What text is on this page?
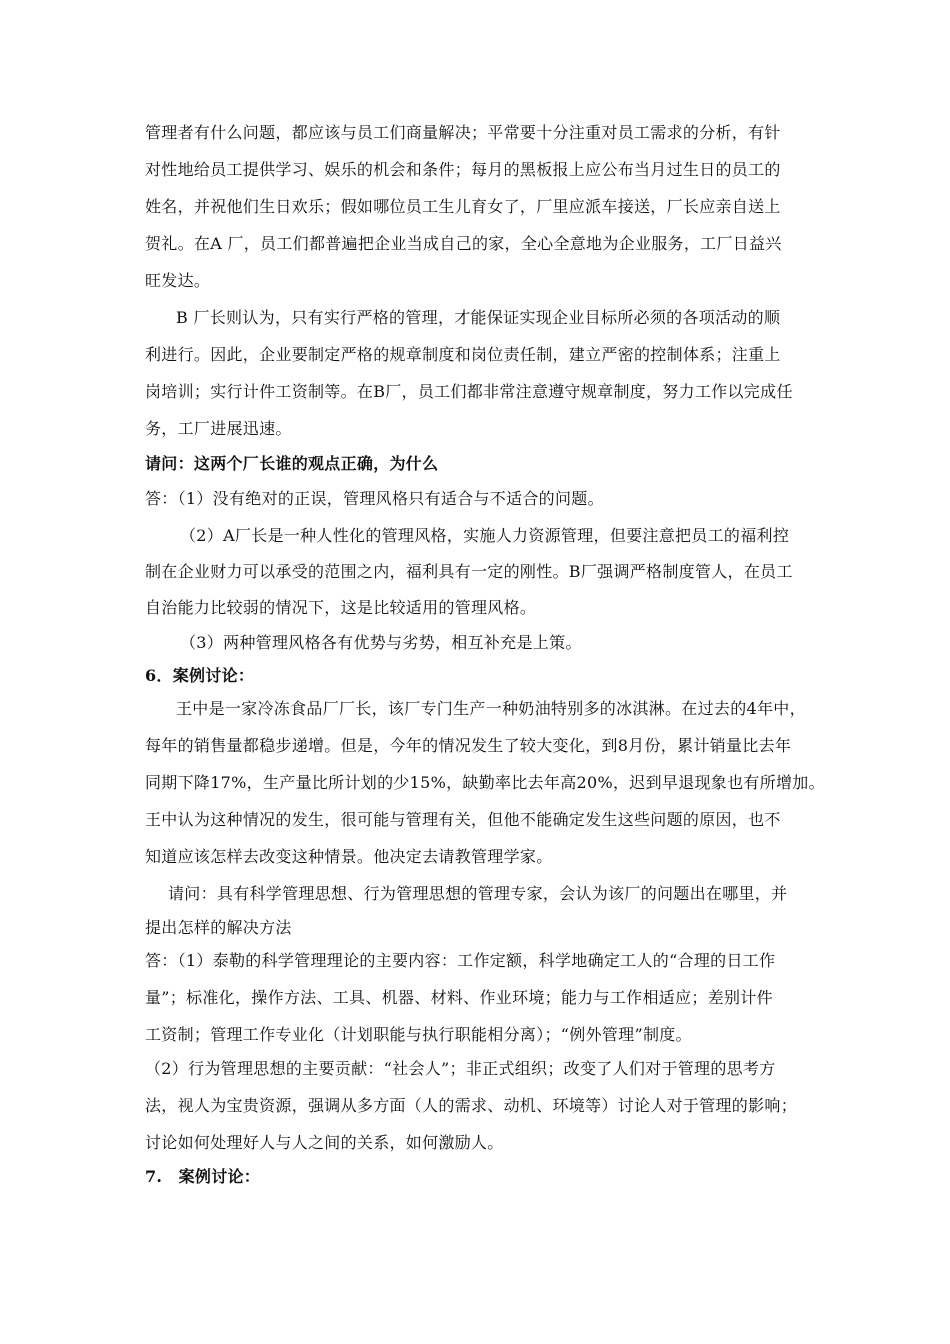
管理者有什么问题，都应该与员工们商量解决；平常要十分注重对员工需求的分析，有针
对性地给员工提供学习、娱乐的机会和条件；每月的黑板报上应公布当月过生日的员工的
姓名，并祝他们生日欢乐；假如哪位员工生儿育女了，厂里应派车接送，厂长应亲自送上
贺礼。在A 厂，员工们都普遍把企业当成自己的家，全心全意地为企业服务，工厂日益兴
旺发达。
B 厂长则认为，只有实行严格的管理，才能保证实现企业目标所必须的各项活动的顺
利进行。因此，企业要制定严格的规章制度和岗位责任制，建立严密的控制体系；注重上
岗培训；实行计件工资制等。在B厂，员工们都非常注意遵守规章制度，努力工作以完成任
务，工厂进展迅速。
请问：这两个厂长谁的观点正确，为什么
答：（1）没有绝对的正误，管理风格只有适合与不适合的问题。
（2）A厂长是一种人性化的管理风格，实施人力资源管理，但要注意把员工的福利控
制在企业财力可以承受的范围之内，福利具有一定的刚性。B厂强调严格制度管人，在员工
自治能力比较弱的情况下，这是比较适用的管理风格。
（3）两种管理风格各有优势与劣势，相互补充是上策。
6．案例讨论：
王中是一家冷冻食品厂厂长，该厂专门生产一种奶油特别多的冰淇淋。在过去的4年中，
每年的销售量都稳步递增。但是，今年的情况发生了较大变化，到8月份，累计销量比去年
同期下降17%，生产量比所计划的少15%，缺勤率比去年高20%，迟到早退现象也有所增加。
王中认为这种情况的发生，很可能与管理有关，但他不能确定发生这些问题的原因，也不
知道应该怎样去改变这种情景。他决定去请教管理学家。
请问：具有科学管理思想、行为管理思想的管理专家，会认为该厂的问题出在哪里，并
提出怎样的解决方法
答：（1）泰勒的科学管理理论的主要内容：工作定额，科学地确定工人的“合理的日工作
量”；标准化，操作方法、工具、机器、材料、作业环境；能力与工作相适应；差别计件
工资制；管理工作专业化（计划职能与执行职能相分离）；“例外管理”制度。
（2）行为管理思想的主要贡献：“社会人”；非正式组织；改变了人们对于管理的思考方
法，视人为宝贵资源，强调从多方面（人的需求、动机、环境等）讨论人对于管理的影响；
讨论如何处理好人与人之间的关系，如何激励人。
7.　案例讨论：
